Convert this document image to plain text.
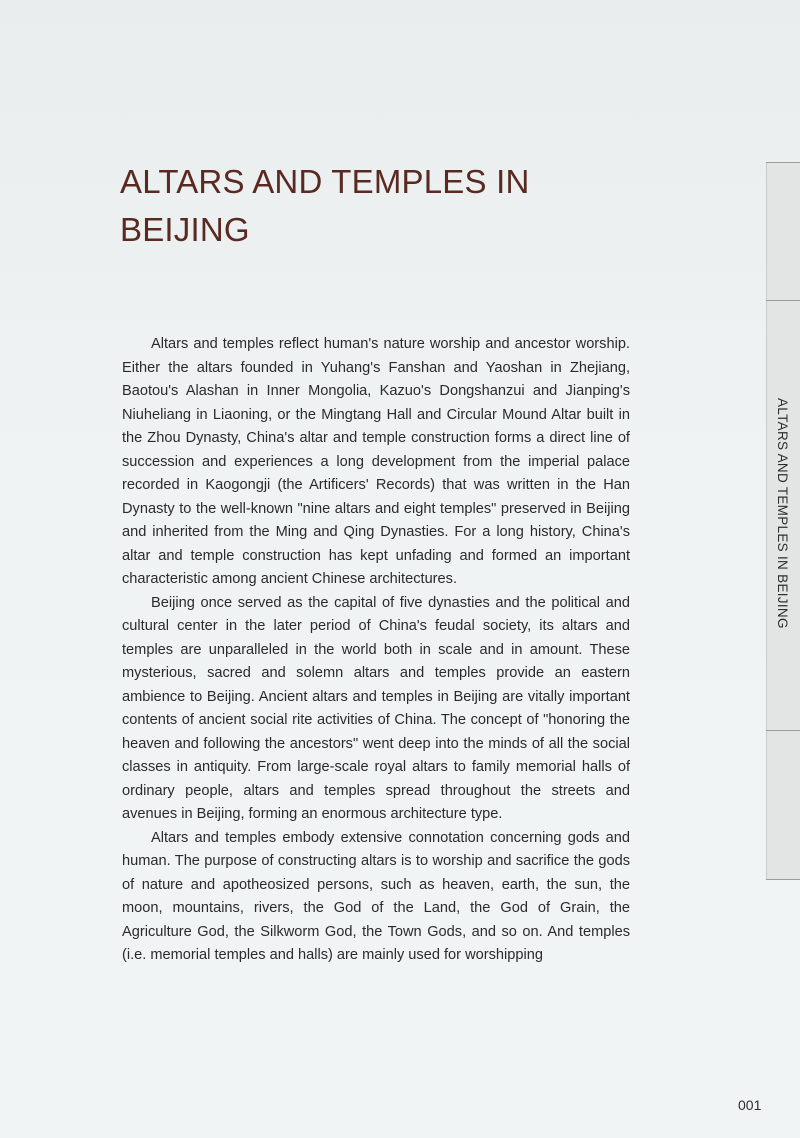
ALTARS AND TEMPLES IN
BEIJING

Altars and temples reflect human's nature worship and ancestor worship. Either the altars founded in Yuhang's Fanshan and Yaoshan in Zhejiang, Baotou's Alashan in Inner Mongolia, Kazuo's Dongshanzui and Jianping's Niuheliang in Liaoning, or the Mingtang Hall and Circular Mound Altar built in the Zhou Dynasty, China's altar and temple construction forms a direct line of succession and experiences a long development from the imperial palace recorded in Kaogongji (the Artificers' Records) that was written in the Han Dynasty to the well-known "nine altars and eight temples" preserved in Beijing and inherited from the Ming and Qing Dynasties. For a long history, China's altar and temple construction has kept unfading and formed an important characteristic among ancient Chinese architectures.

Beijing once served as the capital of five dynasties and the political and cultural center in the later period of China's feudal society, its altars and temples are unparalleled in the world both in scale and in amount. These mysterious, sacred and solemn altars and temples provide an eastern ambience to Beijing. Ancient altars and temples in Beijing are vitally important contents of ancient social rite activities of China. The concept of "honoring the heaven and following the ancestors" went deep into the minds of all the social classes in antiquity. From large-scale royal altars to family memorial halls of ordinary people, altars and temples spread throughout the streets and avenues in Beijing, forming an enormous architecture type.

Altars and temples embody extensive connotation concerning gods and human. The purpose of constructing altars is to worship and sacrifice the gods of nature and apotheosized persons, such as heaven, earth, the sun, the moon, mountains, rivers, the God of the Land, the God of Grain, the Agriculture God, the Silkworm God, the Town Gods, and so on. And temples (i.e. memorial temples and halls) are mainly used for worshipping

ALTARS AND TEMPLES IN BEIJING
001
